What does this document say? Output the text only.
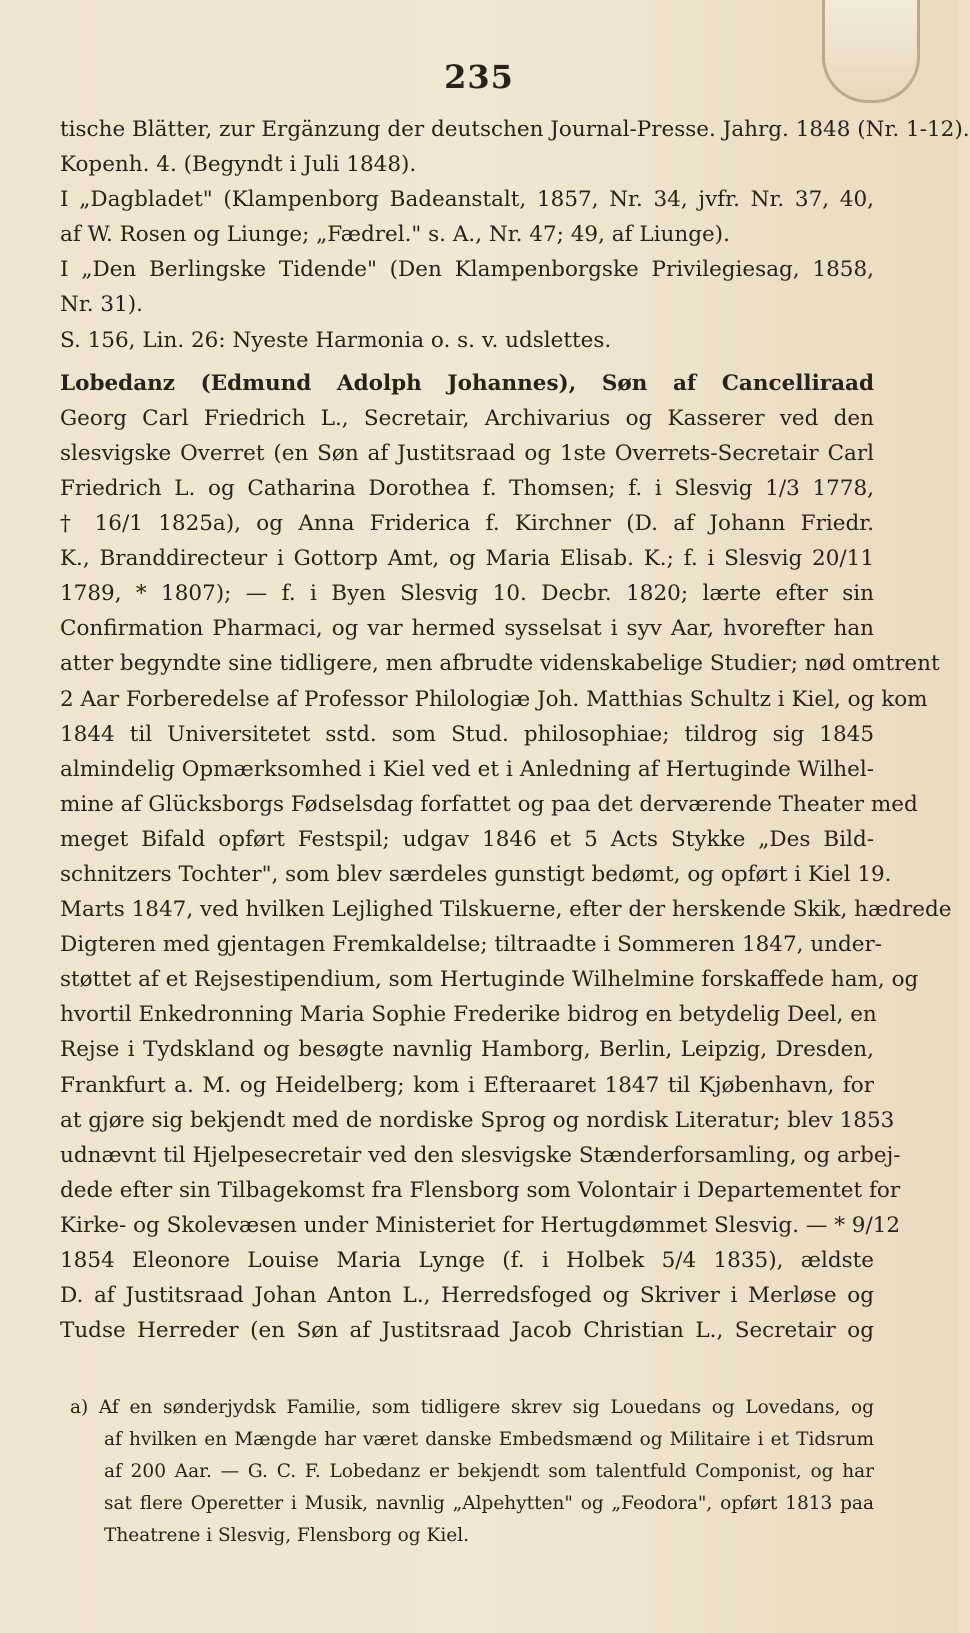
235
tische Blätter, zur Ergänzung der deutschen Journal-Presse. Jahrg. 1848 (Nr. 1-12).
Kopenh. 4. (Begyndt i Juli 1848).
I „Dagbladet" (Klampenborg Badeanstalt, 1857, Nr. 34, jvfr. Nr. 37, 40,
af W. Rosen og Liunge; „Fædrel." s. A., Nr. 47; 49, af Liunge).
I „Den Berlingske Tidende" (Den Klampenborgske Privilegiesag, 1858,
Nr. 31).
S. 156, Lin. 26: Nyeste Harmonia o. s. v. udslettes.
Lobedanz (Edmund Adolph Johannes), Søn af Cancelliraad
Georg Carl Friedrich L., Secretair, Archivarius og Kasserer ved den
slesvigske Overret (en Søn af Justitsraad og 1ste Overrets-Secretair Carl
Friedrich L. og Catharina Dorothea f. Thomsen; f. i Slesvig 1/3 1778,
† 16/1 1825a), og Anna Friderica f. Kirchner (D. af Johann Friedr.
K., Branddirecteur i Gottorp Amt, og Maria Elisab. K.; f. i Slesvig 20/11
1789, * 1807); — f. i Byen Slesvig 10. Decbr. 1820; lærte efter sin
Confirmation Pharmaci, og var hermed sysselsat i syv Aar, hvorefter han
atter begyndte sine tidligere, men afbrudte videnskabelige Studier; nød omtrent
2 Aar Forberedelse af Professor Philologiæ Joh. Matthias Schultz i Kiel, og kom
1844 til Universitetet sstd. som Stud. philosophiae; tildrog sig 1845
almindelig Opmærksomhed i Kiel ved et i Anledning af Hertuginde Wilhel-
mine af Glücksborgs Fødselsdag forfattet og paa det derværende Theater med
meget Bifald opført Festspil; udgav 1846 et 5 Acts Stykke „Des Bild-
schnitzers Tochter", som blev særdeles gunstigt bedømt, og opført i Kiel 19.
Marts 1847, ved hvilken Lejlighed Tilskuerne, efter der herskende Skik, hædrede
Digteren med gjentagen Fremkaldelse; tiltraadte i Sommeren 1847, under-
støttet af et Rejsestipendium, som Hertuginde Wilhelmine forskaffede ham, og
hvortil Enkedronning Maria Sophie Frederike bidrog en betydelig Deel, en
Rejse i Tydskland og besøgte navnlig Hamborg, Berlin, Leipzig, Dresden,
Frankfurt a. M. og Heidelberg; kom i Efteraaret 1847 til Kjøbenhavn, for
at gjøre sig bekjendt med de nordiske Sprog og nordisk Literatur; blev 1853
udnævnt til Hjelpesecretair ved den slesvigske Stænderforsamling, og arbej-
dede efter sin Tilbagekomst fra Flensborg som Volontair i Departementet for
Kirke- og Skolevæsen under Ministeriet for Hertugdømmet Slesvig. — * 9/12
1854 Eleonore Louise Maria Lynge (f. i Holbek 5/4 1835), ældste
D. af Justitsraad Johan Anton L., Herredsfoged og Skriver i Merløse og
Tudse Herreder (en Søn af Justitsraad Jacob Christian L., Secretair og
a) Af en sønderjydsk Familie, som tidligere skrev sig Louedans og Lovedans, og
af hvilken en Mængde har været danske Embedsmænd og Militaire i et Tidsrum
af 200 Aar. — G. C. F. Lobedanz er bekjendt som talentfuld Componist, og har
sat flere Operetter i Musik, navnlig „Alpehytten" og „Feodora", opført 1813 paa
Theatrene i Slesvig, Flensborg og Kiel.
